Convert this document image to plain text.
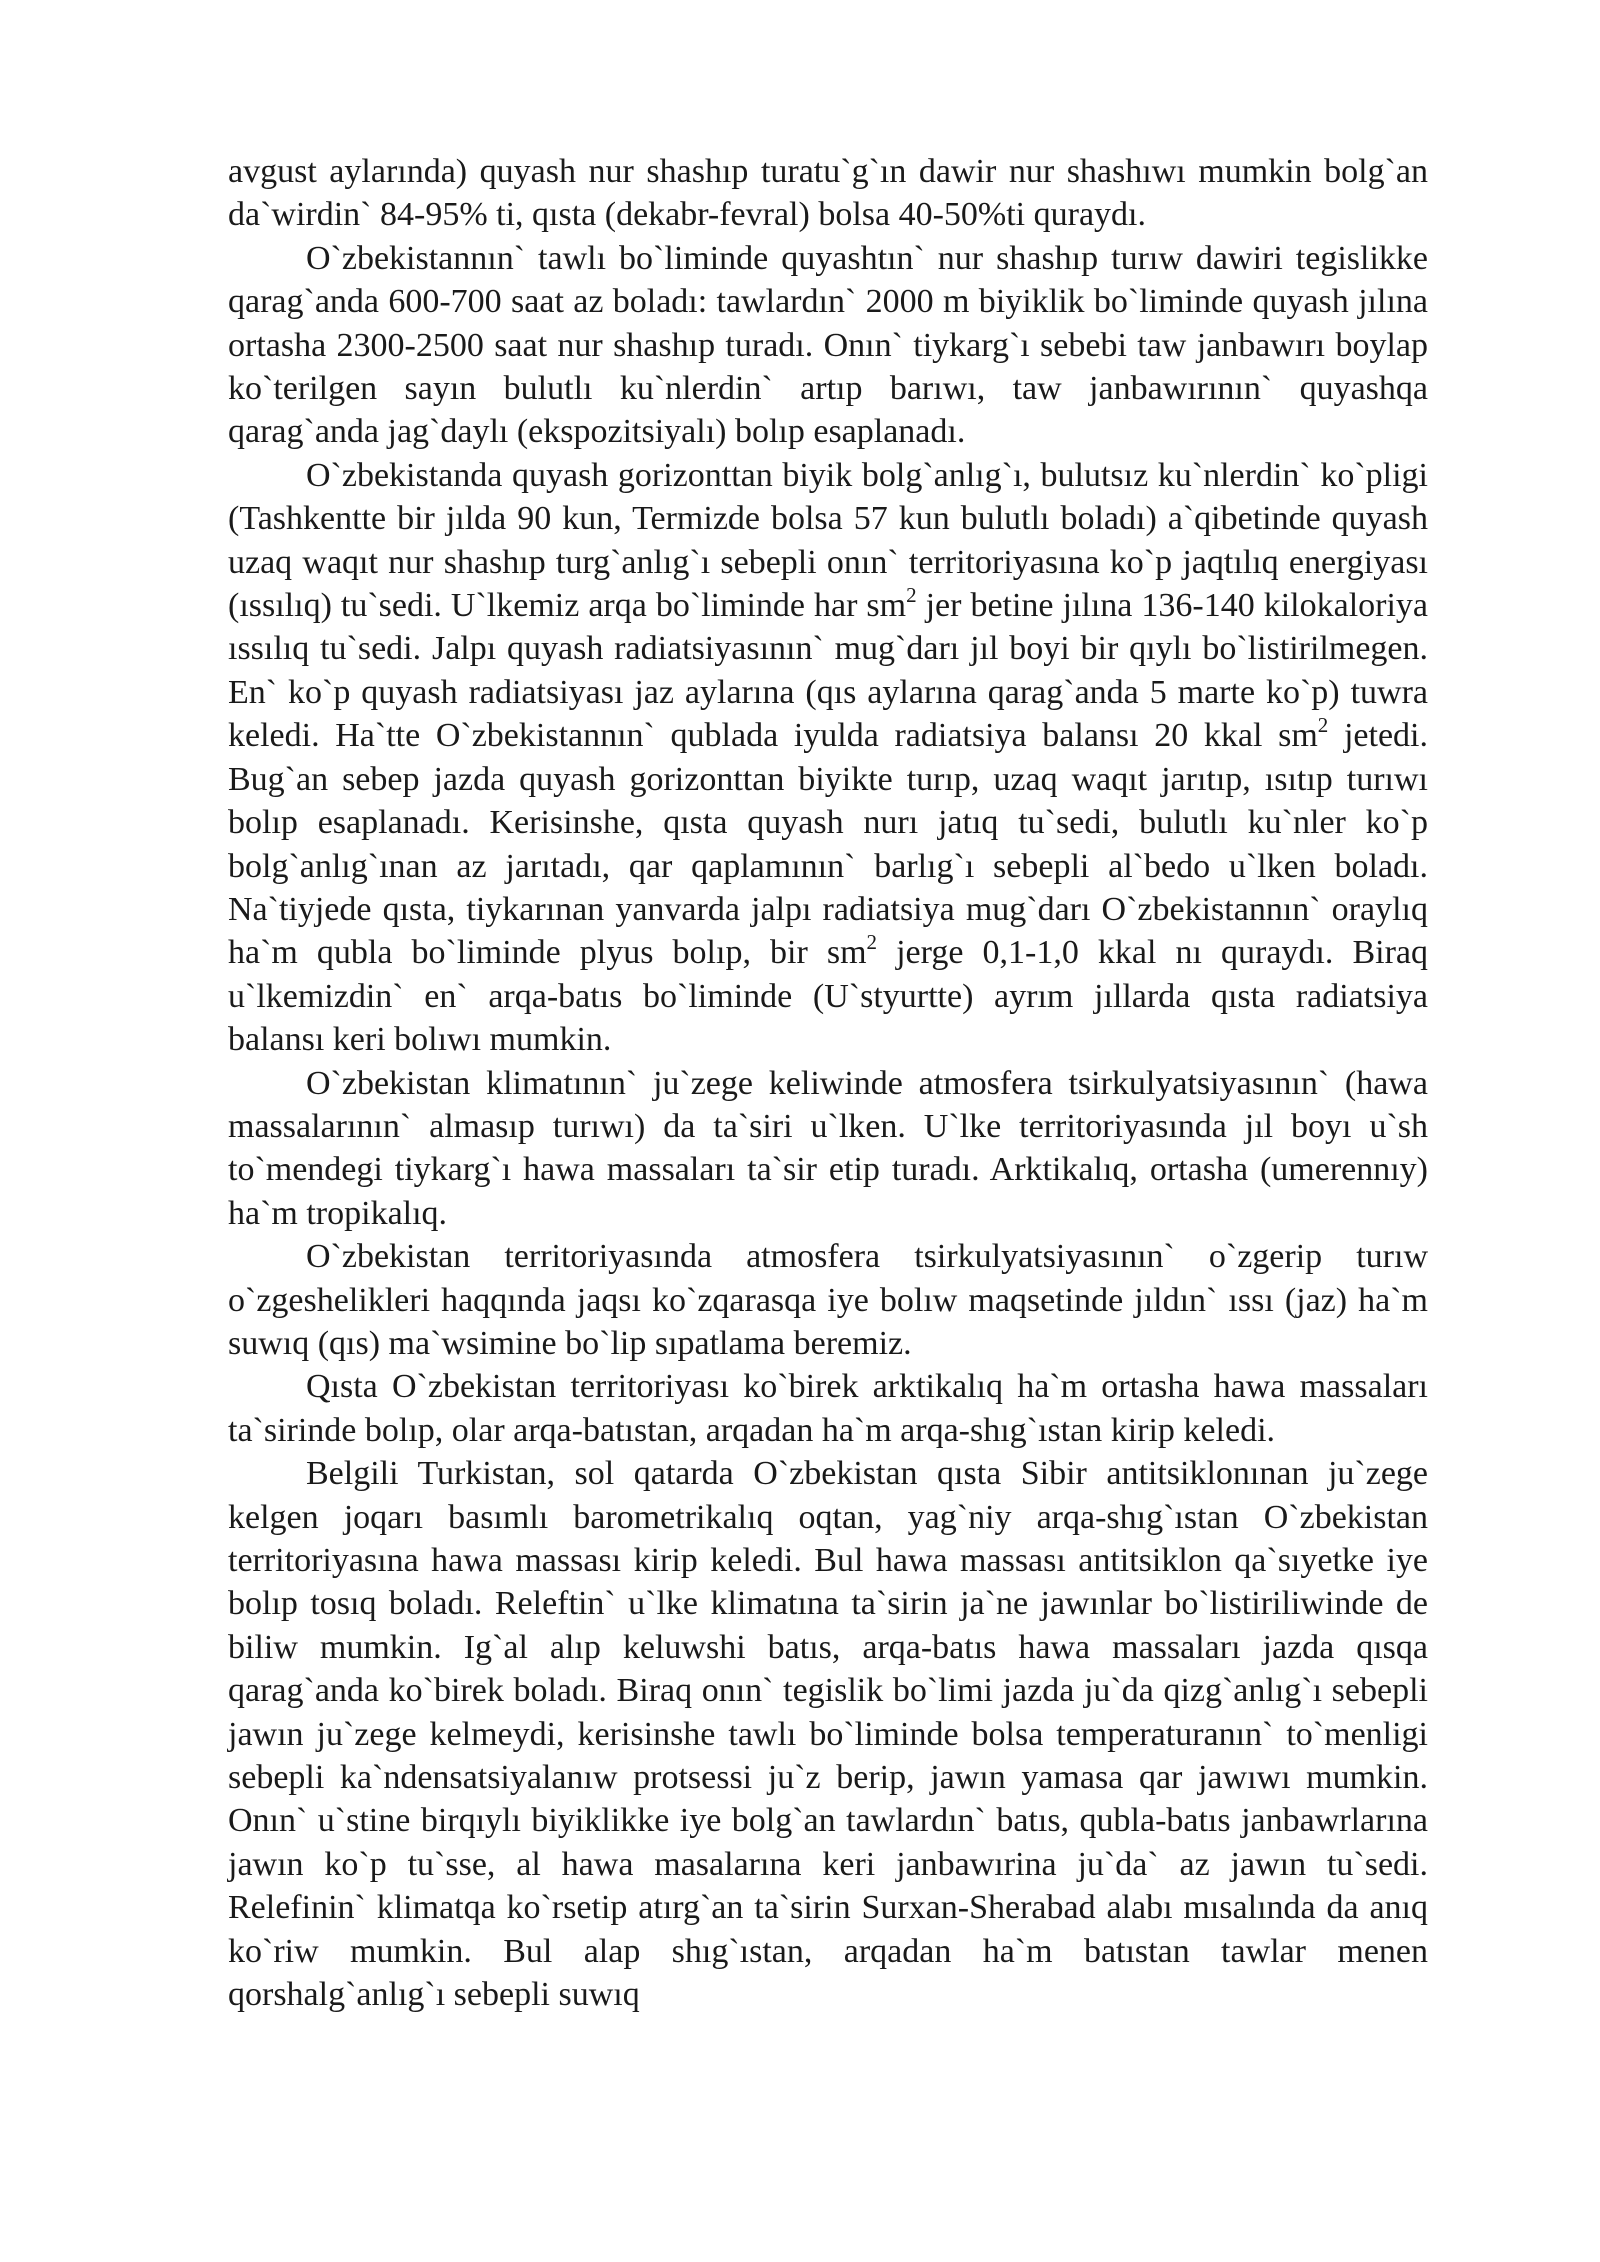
avgust aylarında) quyash nur shashıp turatu`g`ın dawir nur shashıwı mumkin bolg`an da`wirdin` 84-95% ti, qısta (dekabr-fevral) bolsa 40-50%ti quraydı.

O`zbekistannın` tawlı bo`liminde quyashtın` nur shashıp turıw dawiri tegislikke qarag`anda 600-700 saat az boladı: tawlardın` 2000 m biyiklik bo`liminde quyash jılına ortasha 2300-2500 saat nur shashıp turadı. Onın` tiykarg`ı sebebi taw janbawırı boylap ko`terilgen sayın bulutlı ku`nlerdin` artıp barıwı, taw janbawırının` quyashqa qarag`anda jag`daylı (ekspozitsiyalı) bolıp esaplanadı.

O`zbekistanda quyash gorizonttan biyik bolg`anlıg`ı, bulutsız ku`nlerdin` ko`pligi (Tashkentte bir jılda 90 kun, Termizde bolsa 57 kun bulutlı boladı) a`qibetinde quyash uzaq waqıt nur shashıp turg`anlıg`ı sebepli onın` territoriyasına ko`p jaqtılıq energiyası (ıssılıq) tu`sedi. U`lkemiz arqa bo`liminde har $sm^2$ jer betine jılına 136-140 kilokaloriya ıssılıq tu`sedi. Jalpı quyash radiatsiyasının` mug`darı jıl boyi bir qıylı bo`listirilmegen. En` ko`p quyash radiatsiyası jaz aylarına (qıs aylarına qarag`anda 5 marte ko`p) tuwra keledi. Ha`tte O`zbekistannın` qublada iyulda radiatsiya balansı 20 kkal $sm^2$ jetedi. Bug`an sebep jazda quyash gorizonttan biyikte turıp, uzaq waqıt jarıtıp, ısıtıp turıwı bolıp esaplanadı. Kerisinshe, qısta quyash nurı jatıq tu`sedi, bulutlı ku`nler ko`p bolg`anlıg`ınan az jarıtadı, qar qaplamının` barlıg`ı sebepli al`bedo u`lken boladı. Na`tiyjede qısta, tiykarınan yanvarda jalpı radiatsiya mug`darı O`zbekistannın` oraylıq ha`m qubla bo`liminde plyus bolıp, bir $sm^2$ jerge 0,1-1,0 kkal nı quraydı. Biraq u`lkemizdin` en` arqa-batıs bo`liminde (U`styurtte) ayrım jıllarda qısta radiatsiya balansı keri bolıwı mumkin.

O`zbekistan klimatının` ju`zege keliwinde atmosfera tsirkulyatsiyasının` (hawa massalarının` almasıp turıwı) da ta`siri u`lken. U`lke territoriyasında jıl boyı u`sh to`mendegi tiykarg`ı hawa massaları ta`sir etip turadı. Arktikalıq, ortasha (umerennıy) ha`m tropikalıq.

O`zbekistan territoriyasında atmosfera tsirkulyatsiyasının` o`zgerip turıw o`zgeshelikleri haqqında jaqsı ko`zqarasqa iye bolıw maqsetinde jıldın` ıssı (jaz) ha`m suwıq (qıs) ma`wsimine bo`lip sıpatlama beremiz.

Qısta O`zbekistan territoriyası ko`birek arktikalıq ha`m ortasha hawa massaları ta`sirinde bolıp, olar arqa-batıstan, arqadan ha`m arqa-shıg`ıstan kirip keledi.

Belgili Turkistan, sol qatarda O`zbekistan qısta Sibir antitsiklonınan ju`zege kelgen joqarı basımlı barometrikalıq oqtan, yag`niy arqa-shıg`ıstan O`zbekistan territoriyasına hawa massası kirip keledi. Bul hawa massası antitsiklon qa`sıyetke iye bolıp tosıq boladı. Releftin` u`lke klimatına ta`sirin ja`ne jawınlar bo`listiriliwinde de biliw mumkin. Ig`al alıp keluwshi batıs, arqa-batıs hawa massaları jazda qısqa qarag`anda ko`birek boladı. Biraq onın` tegislik bo`limi jazda ju`da qizg`anlıg`ı sebepli jawın ju`zege kelmeydi, kerisinshe tawlı bo`liminde bolsa temperaturanın` to`menligi sebepli ka`ndensatsiyalanıw protsessi ju`z berip, jawın yamasa qar jawıwı mumkin. Onın` u`stine birqıylı biyiklikke iye bolg`an tawlardın` batıs, qubla-batıs janbawrlarına jawın ko`p tu`sse, al hawa masalarına keri janbawırina ju`da` az jawın tu`sedi. Relefinin` klimatqa ko`rsetip atırg`an ta`sirin Surxan-Sherabad alabı mısalında da anıq ko`riw mumkin. Bul alap shıg`ıstan, arqadan ha`m batıstan tawlar menen qorshalg`anlıg`ı sebepli suwıq
